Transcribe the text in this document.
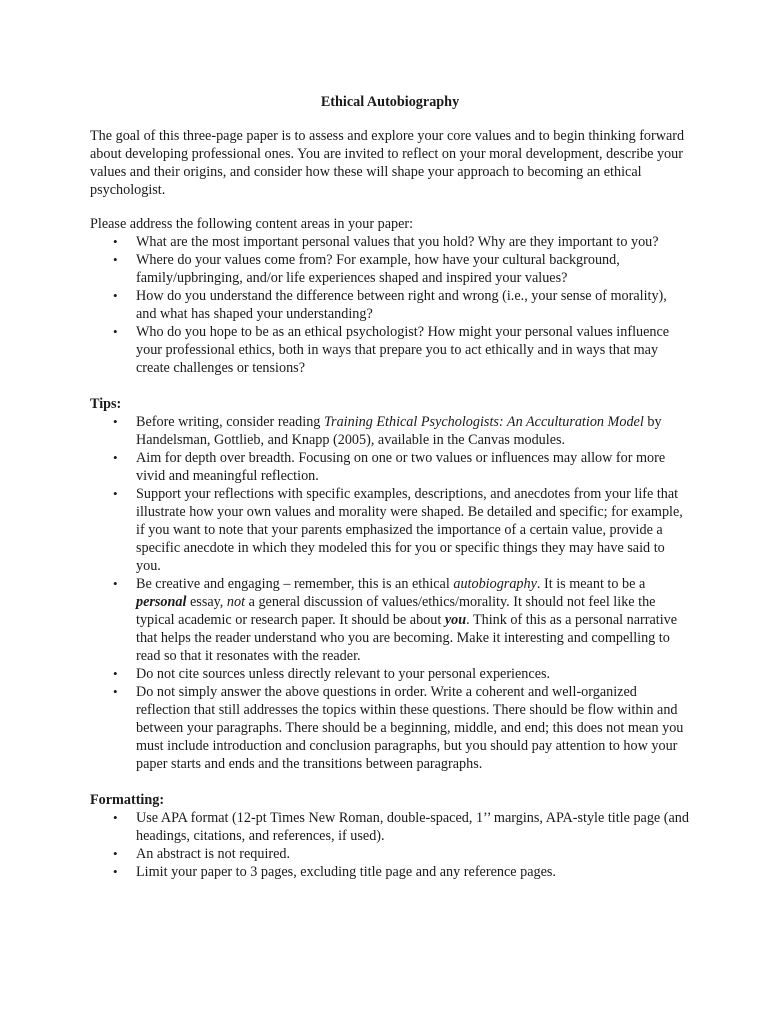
Ethical Autobiography

The goal of this three-page paper is to assess and explore your core values and to begin thinking forward about developing professional ones. You are invited to reflect on your moral development, describe your values and their origins, and consider how these will shape your approach to becoming an ethical psychologist.

Please address the following content areas in your paper:

• What are the most important personal values that you hold? Why are they important to you?
• Where do your values come from? For example, how have your cultural background, family/upbringing, and/or life experiences shaped and inspired your values?
• How do you understand the difference between right and wrong (i.e., your sense of morality), and what has shaped your understanding?
• Who do you hope to be as an ethical psychologist? How might your personal values influence your professional ethics, both in ways that prepare you to act ethically and in ways that may create challenges or tensions?

Tips:

• Before writing, consider reading Training Ethical Psychologists: An Acculturation Model by Handelsman, Gottlieb, and Knapp (2005), available in the Canvas modules.
• Aim for depth over breadth. Focusing on one or two values or influences may allow for more vivid and meaningful reflection.
• Support your reflections with specific examples, descriptions, and anecdotes from your life that illustrate how your own values and morality were shaped. Be detailed and specific; for example, if you want to note that your parents emphasized the importance of a certain value, provide a specific anecdote in which they modeled this for you or specific things they may have said to you.
• Be creative and engaging – remember, this is an ethical autobiography. It is meant to be a personal essay, not a general discussion of values/ethics/morality. It should not feel like the typical academic or research paper. It should be about you. Think of this as a personal narrative that helps the reader understand who you are becoming. Make it interesting and compelling to read so that it resonates with the reader.
• Do not cite sources unless directly relevant to your personal experiences.
• Do not simply answer the above questions in order. Write a coherent and well-organized reflection that still addresses the topics within these questions. There should be flow within and between your paragraphs. There should be a beginning, middle, and end; this does not mean you must include introduction and conclusion paragraphs, but you should pay attention to how your paper starts and ends and the transitions between paragraphs.

Formatting:

• Use APA format (12-pt Times New Roman, double-spaced, 1’’ margins, APA-style title page (and headings, citations, and references, if used).
• An abstract is not required.
• Limit your paper to 3 pages, excluding title page and any reference pages.
